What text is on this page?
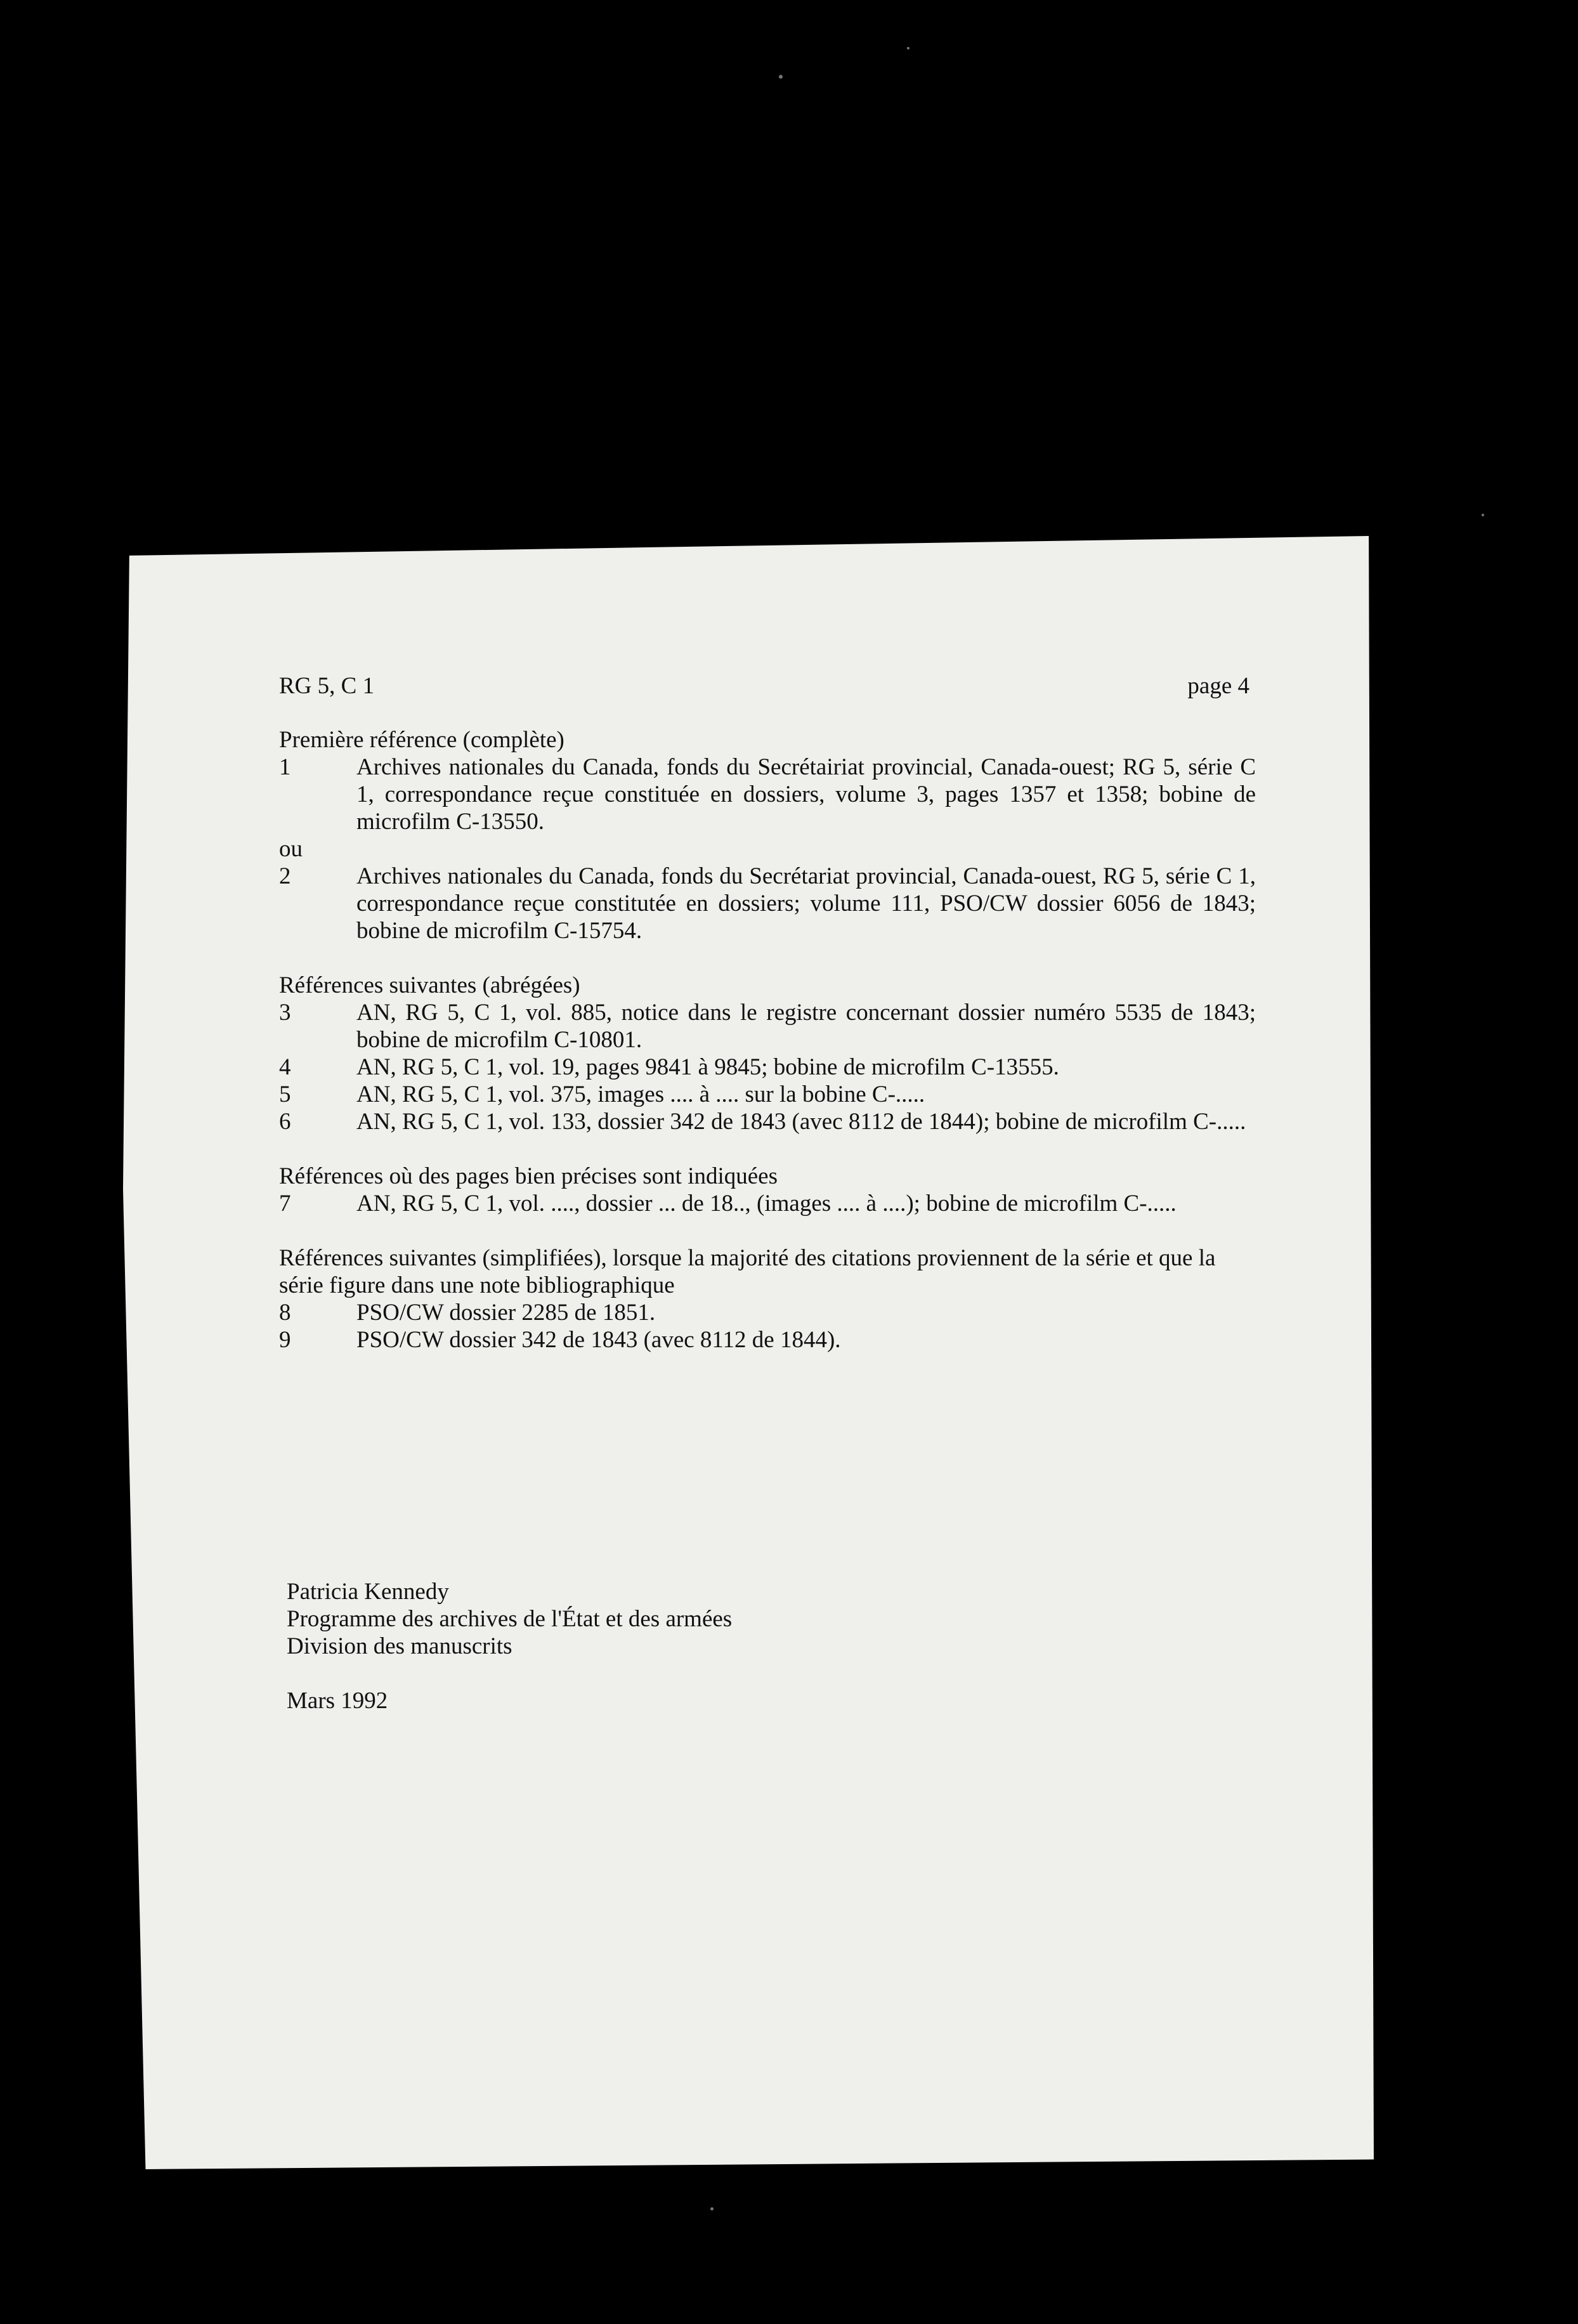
RG 5, C 1	page 4
Première référence (complète)
1	Archives nationales du Canada, fonds du Secrétairiat provincial, Canada-ouest; RG 5, série C 1, correspondance reçue constituée en dossiers, volume 3, pages 1357 et 1358; bobine de microfilm C-13550.
ou
2	Archives nationales du Canada, fonds du Secrétariat provincial, Canada-ouest, RG 5, série C 1, correspondance reçue constitutée en dossiers; volume 111, PSO/CW dossier 6056 de 1843; bobine de microfilm C-15754.
Références suivantes (abrégées)
3	AN, RG 5, C 1, vol. 885, notice dans le registre concernant dossier numéro 5535 de 1843; bobine de microfilm C-10801.
4	AN, RG 5, C 1, vol. 19, pages 9841 à 9845; bobine de microfilm C-13555.
5	AN, RG 5, C 1, vol. 375, images .... à .... sur la bobine C-.....
6	AN, RG 5, C 1, vol. 133, dossier 342 de 1843 (avec 8112 de 1844); bobine de microfilm C-.....
Références où des pages bien précises sont indiquées
7	AN, RG 5, C 1, vol. ...., dossier ... de 18.., (images .... à ....); bobine de microfilm C-.....
Références suivantes (simplifiées), lorsque la majorité des citations proviennent de la série et que la série figure dans une note bibliographique
8	PSO/CW dossier 2285 de 1851.
9	PSO/CW dossier 342 de 1843 (avec 8112 de 1844).
Patricia Kennedy
Programme des archives de l'État et des armées
Division des manuscrits
Mars 1992
